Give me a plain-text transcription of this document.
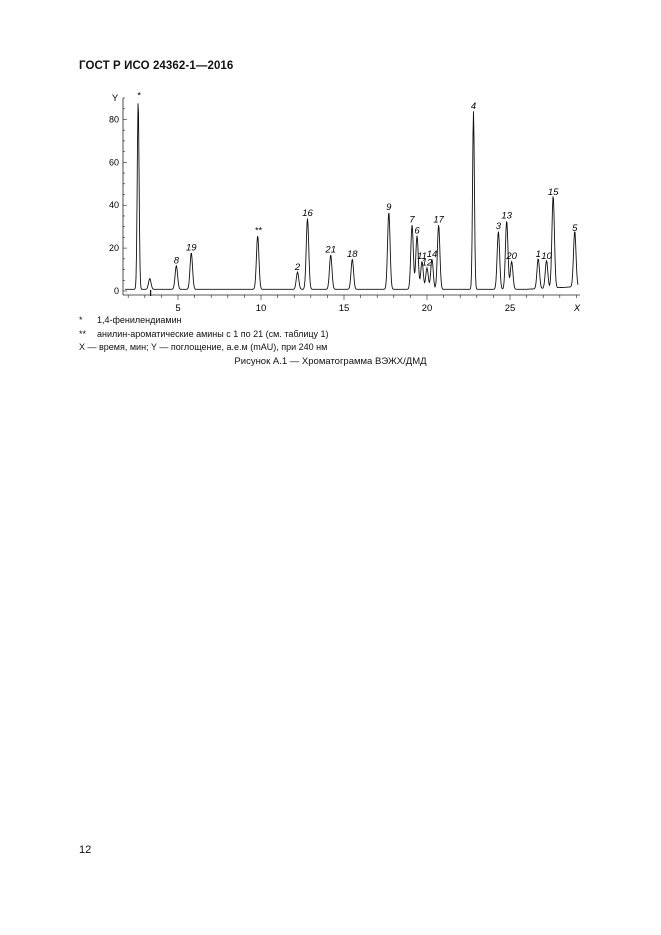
ГОСТ Р ИСО 24362-1—2016
Y
X
0
20
40
60
80
5	10	15	20	25
*
8
19
**
2
16
21 18
9
7
6
11
12
14
17
4
3
13
20 1 10
15
5
*	1,4-фенилендиамин
**	анилин-ароматические амины с 1 по 21 (см. таблицу 1)
X — время, мин; Y — поглощение, а.е.м (mAU), при 240 нм
Рисунок А.1 — Хроматограмма ВЭЖХ/ДМД
12
